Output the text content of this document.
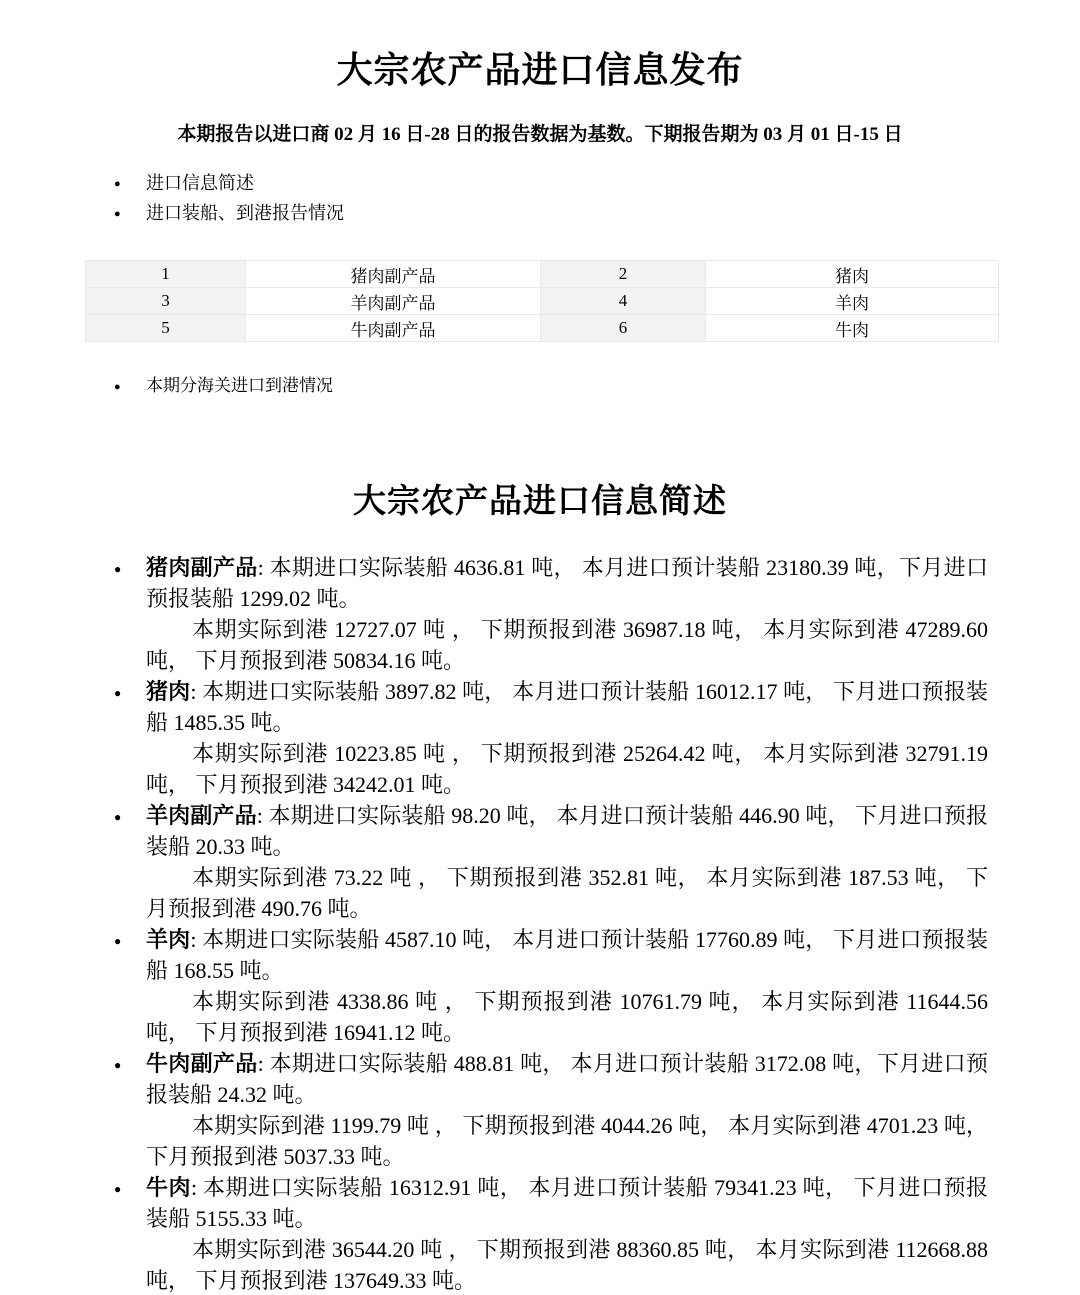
大宗农产品进口信息发布

本期报告以进口商 02 月 16 日-28 日的报告数据为基数。下期报告期为 03 月 01 日-15 日

● 进口信息简述
● 进口装船、到港报告情况
1	猪肉副产品	2	猪肉
3	羊肉副产品	4	羊肉
5	牛肉副产品	6	牛肉
● 本期分海关进口到港情况
大宗农产品进口信息简述
● 猪肉副产品: 本期进口实际装船 4636.81 吨， 本月进口预计装船 23180.39 吨，下月进口预报装船 1299.02 吨。

本期实际到港 12727.07 吨 ， 下期预报到港 36987.18 吨， 本月实际到港 47289.60 吨， 下月预报到港 50834.16 吨。

● 猪肉: 本期进口实际装船 3897.82 吨， 本月进口预计装船 16012.17 吨， 下月进口预报装船 1485.35 吨。

本期实际到港 10223.85 吨 ， 下期预报到港 25264.42 吨， 本月实际到港 32791.19 吨， 下月预报到港 34242.01 吨。

● 羊肉副产品: 本期进口实际装船 98.20 吨， 本月进口预计装船 446.90 吨， 下月进口预报装船 20.33 吨。

本期实际到港 73.22 吨 ， 下期预报到港 352.81 吨， 本月实际到港 187.53 吨， 下月预报到港 490.76 吨。

● 羊肉: 本期进口实际装船 4587.10 吨， 本月进口预计装船 17760.89 吨， 下月进口预报装船 168.55 吨。

本期实际到港 4338.86 吨 ， 下期预报到港 10761.79 吨， 本月实际到港 11644.56 吨， 下月预报到港 16941.12 吨。

● 牛肉副产品: 本期进口实际装船 488.81 吨， 本月进口预计装船 3172.08 吨，下月进口预报装船 24.32 吨。

本期实际到港 1199.79 吨 ， 下期预报到港 4044.26 吨， 本月实际到港 4701.23 吨， 下月预报到港 5037.33 吨。

● 牛肉: 本期进口实际装船 16312.91 吨， 本月进口预计装船 79341.23 吨， 下月进口预报装船 5155.33 吨。

本期实际到港 36544.20 吨 ， 下期预报到港 88360.85 吨， 本月实际到港 112668.88 吨， 下月预报到港 137649.33 吨。
